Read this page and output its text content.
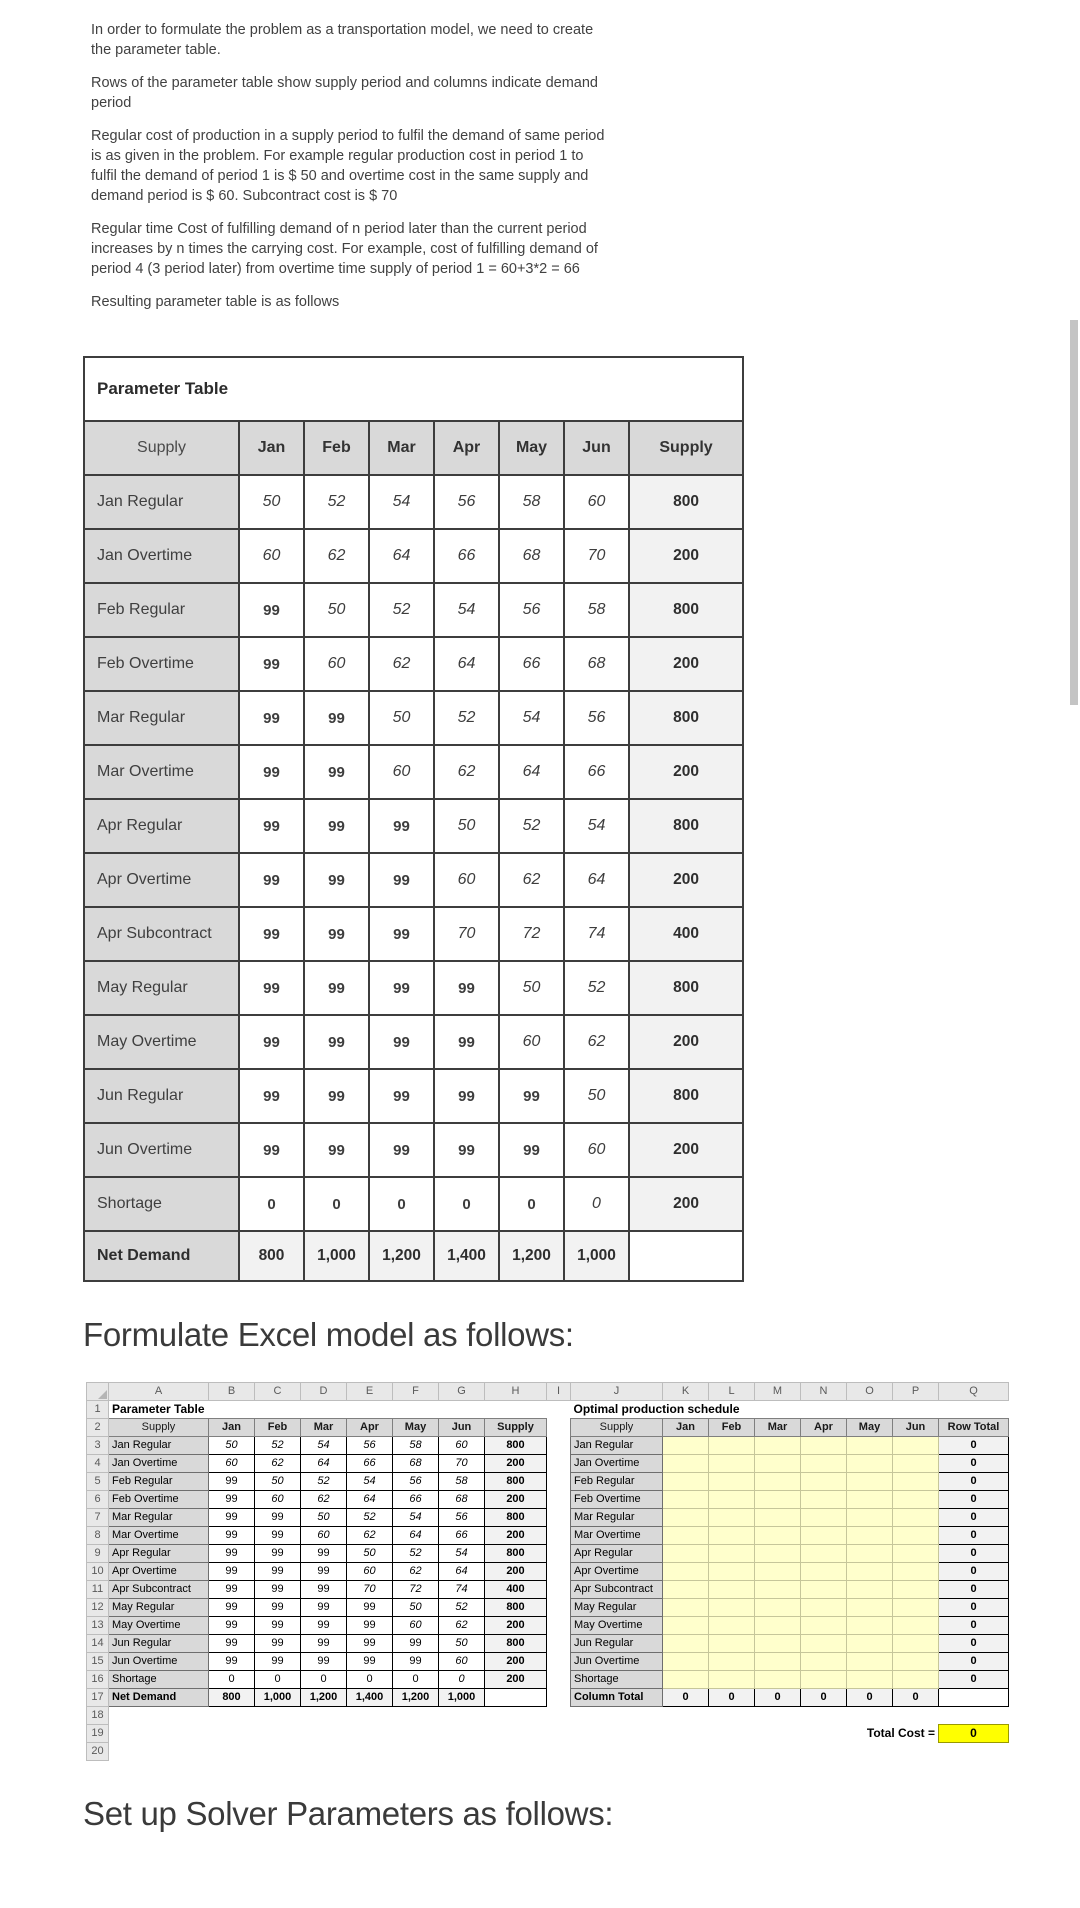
In order to formulate the problem as a transportation model, we need to create the parameter table.

Rows of the parameter table show supply period and columns indicate demand period

Regular cost of production in a supply period to fulfil the demand of same period is as given in the problem. For example regular production cost in period 1 to fulfil the demand of period 1 is $ 50 and overtime cost in the same supply and demand period is $ 60. Subcontract cost is $ 70

Regular time Cost of fulfilling demand of n period later than the current period increases by n times the carrying cost. For example, cost of fulfilling demand of period 4 (3 period later) from overtime time supply of period 1 = 60+3*2 = 66

Resulting parameter table is as follows

Parameter Table							
Supply	Jan	Feb	Mar	Apr	May	Jun	Supply
Jan Regular	50	52	54	56	58	60	800
Jan Overtime	60	62	64	66	68	70	200
Feb Regular	99	50	52	54	56	58	800
Feb Overtime	99	60	62	64	66	68	200
Mar Regular	99	99	50	52	54	56	800
Mar Overtime	99	99	60	62	64	66	200
Apr Regular	99	99	99	50	52	54	800
Apr Overtime	99	99	99	60	62	64	200
Apr Subcontract	99	99	99	70	72	74	400
May Regular	99	99	99	99	50	52	800
May Overtime	99	99	99	99	60	62	200
Jun Regular	99	99	99	99	99	50	800
Jun Overtime	99	99	99	99	99	60	200
Shortage	0	0	0	0	0	0	200
Net Demand	800	1,000	1,200	1,400	1,200	1,000	
Formulate Excel model as follows:
	A	B	C	D	E	F	G	H	I	J	K	L	M	N	O	P	Q
1	Parameter Table									Optimal production schedule							
2	Supply	Jan	Feb	Mar	Apr	May	Jun	Supply		Supply	Jan	Feb	Mar	Apr	May	Jun	Row Total
3	Jan Regular	50	52	54	56	58	60	800		Jan Regular							0
4	Jan Overtime	60	62	64	66	68	70	200		Jan Overtime							0
5	Feb Regular	99	50	52	54	56	58	800		Feb Regular							0
6	Feb Overtime	99	60	62	64	66	68	200		Feb Overtime							0
7	Mar Regular	99	99	50	52	54	56	800		Mar Regular							0
8	Mar Overtime	99	99	60	62	64	66	200		Mar Overtime							0
9	Apr Regular	99	99	99	50	52	54	800		Apr Regular							0
10	Apr Overtime	99	99	99	60	62	64	200		Apr Overtime							0
11	Apr Subcontract	99	99	99	70	72	74	400		Apr Subcontract							0
12	May Regular	99	99	99	99	50	52	800		May Regular							0
13	May Overtime	99	99	99	99	60	62	200		May Overtime							0
14	Jun Regular	99	99	99	99	99	50	800		Jun Regular							0
15	Jun Overtime	99	99	99	99	99	60	200		Jun Overtime							0
16	Shortage	0	0	0	0	0	0	200		Shortage							0
17	Net Demand	800	1,000	1,200	1,400	1,200	1,000			Column Total	0	0	0	0	0	0	
18																	
19														Total Cost =			0
20																	
Set up Solver Parameters as follows:
